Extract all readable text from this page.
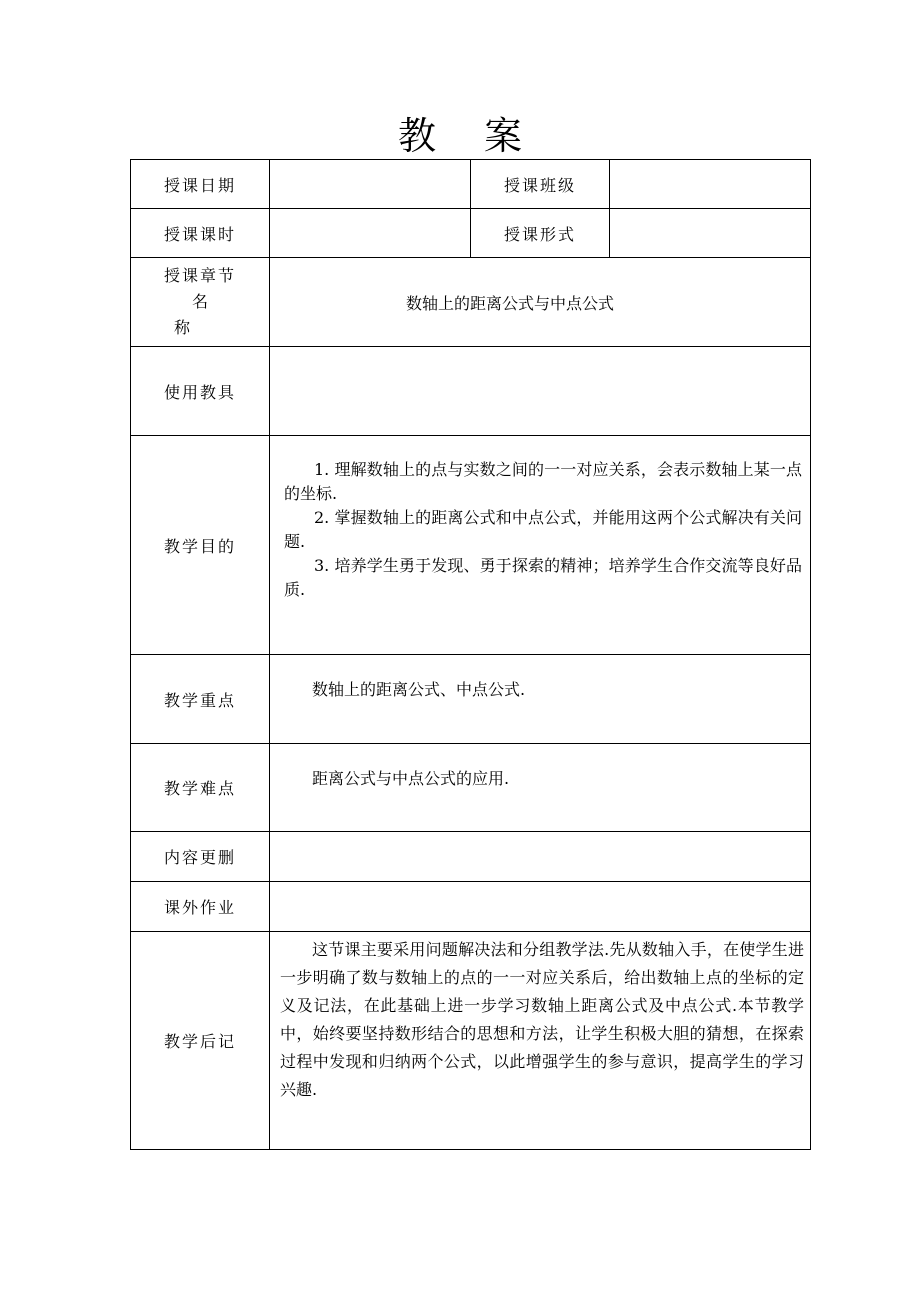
教 案
授课日期		授课班级	
授课课时		授课形式	

授课章节
名称	数轴上的距离公式与中点公式		
使用教具			
教学目的	1. 理解数轴上的点与实数之间的一一对应关系，会表示数轴上某一点的坐标.

2. 掌握数轴上的距离公式和中点公式，并能用这两个公式解决有关问题.

3. 培养学生勇于发现、勇于探索的精神；培养学生合作交流等良好品质.		

教学重点	数轴上的距离公式、中点公式.		
教学难点	距离公式与中点公式的应用.		
内容更删			
课外作业			
教学后记	这节课主要采用问题解决法和分组教学法.先从数轴入手，在使学生进一步明确了数与数轴上的点的一一对应关系后，给出数轴上点的坐标的定义及记法，在此基础上进一步学习数轴上距离公式及中点公式.本节教学中，始终要坚持数形结合的思想和方法，让学生积极大胆的猜想，在探索过程中发现和归纳两个公式，以此增强学生的参与意识，提高学生的学习兴趣.		
